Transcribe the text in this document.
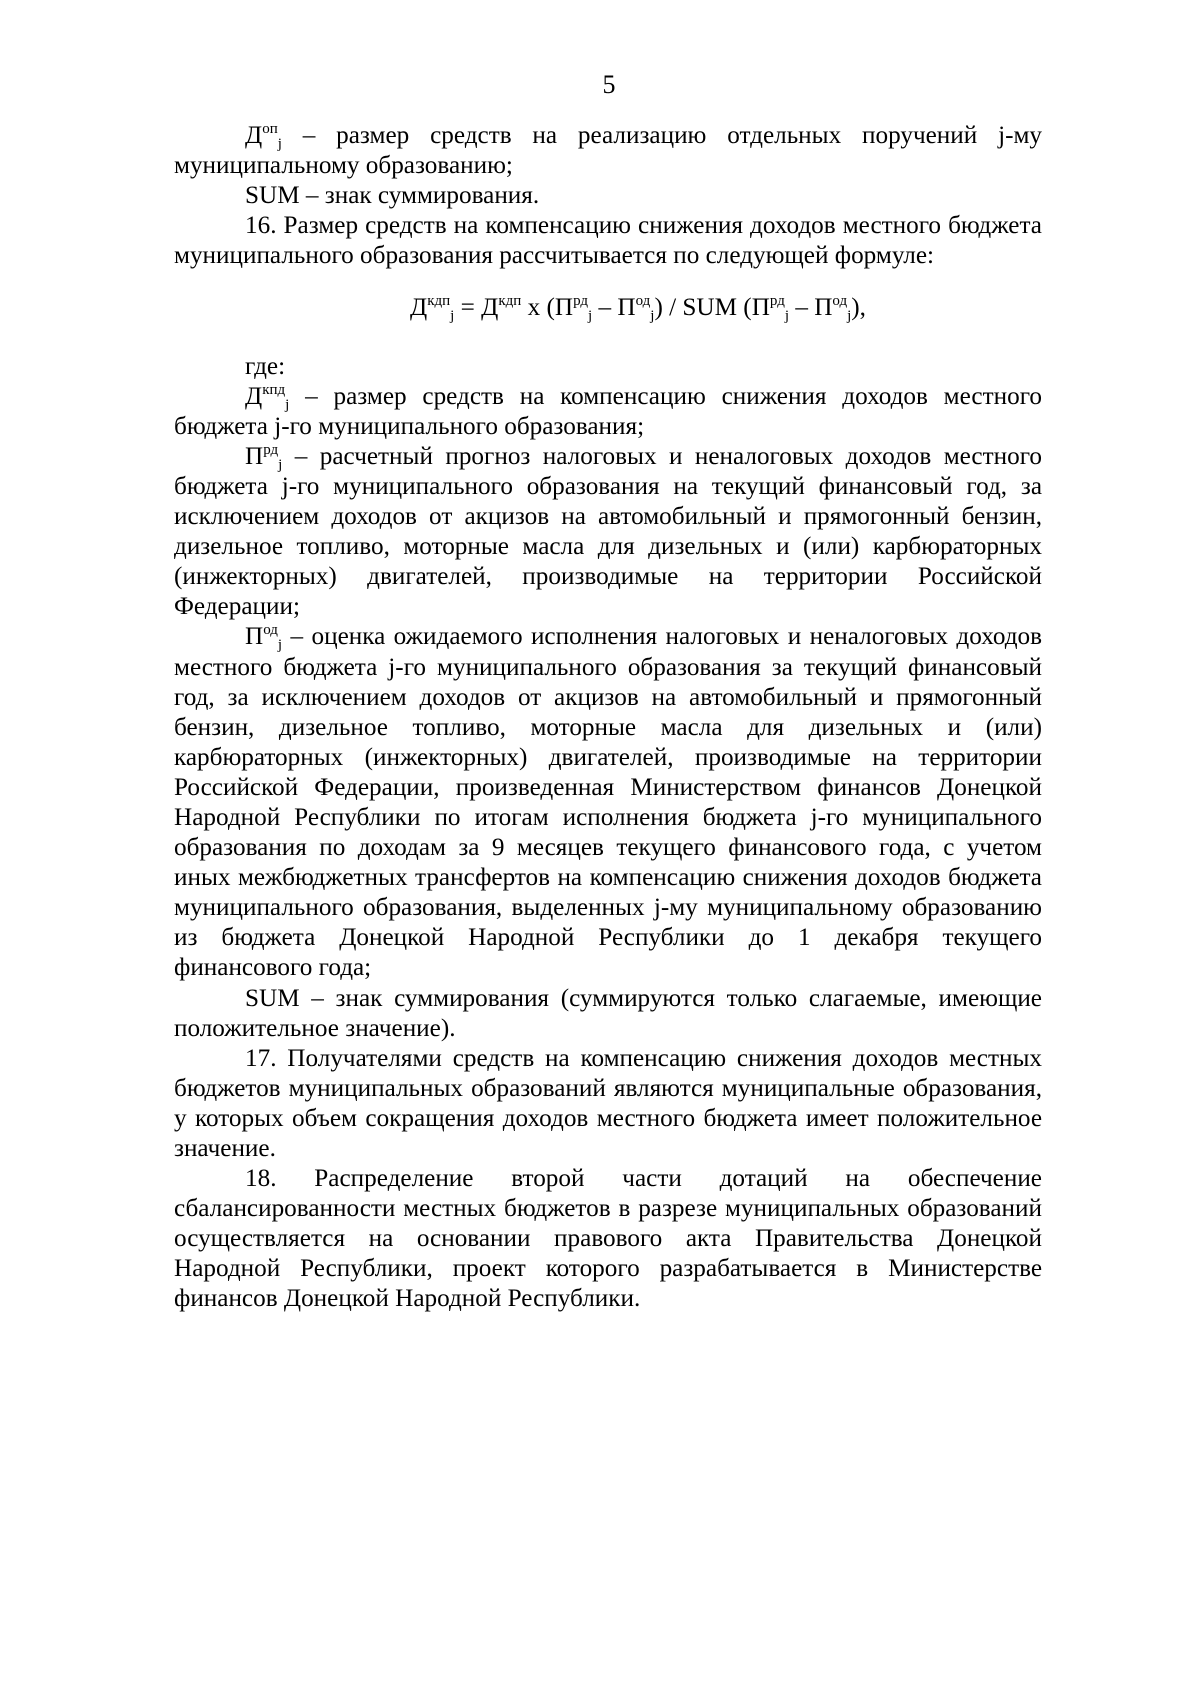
5

$Д^{оп}_j$ – размер средств на реализацию отдельных поручений j-му муниципальному образованию;

SUM – знак суммирования.

16. Размер средств на компенсацию снижения доходов местного бюджета муниципального образования рассчитывается по следующей формуле:

$Д^{кдп}_j = Д^{кдп}$ х $(П^{рд}_j - П^{од}_j)$ / SUM $(П^{рд}_j - П^{од}_j)$,

где:

$Д^{кпд}_j$ – размер средств на компенсацию снижения доходов местного бюджета j-го муниципального образования;

$П^{рд}_j$ – расчетный прогноз налоговых и неналоговых доходов местного бюджета j-го муниципального образования на текущий финансовый год, за исключением доходов от акцизов на автомобильный и прямогонный бензин, дизельное топливо, моторные масла для дизельных и (или) карбюраторных (инжекторных) двигателей, производимые на территории Российской Федерации;

$П^{од}_j$ – оценка ожидаемого исполнения налоговых и неналоговых доходов местного бюджета j-го муниципального образования за текущий финансовый год, за исключением доходов от акцизов на автомобильный и прямогонный бензин, дизельное топливо, моторные масла для дизельных и (или) карбюраторных (инжекторных) двигателей, производимые на территории Российской Федерации, произведенная Министерством финансов Донецкой Народной Республики по итогам исполнения бюджета j-го муниципального образования по доходам за 9 месяцев текущего финансового года, с учетом иных межбюджетных трансфертов на компенсацию снижения доходов бюджета муниципального образования, выделенных j-му муниципальному образованию из бюджета Донецкой Народной Республики до 1 декабря текущего финансового года;

SUM – знак суммирования (суммируются только слагаемые, имеющие положительное значение).

17. Получателями средств на компенсацию снижения доходов местных бюджетов муниципальных образований являются муниципальные образования, у которых объем сокращения доходов местного бюджета имеет положительное значение.

18. Распределение второй части дотаций на обеспечение сбалансированности местных бюджетов в разрезе муниципальных образований осуществляется на основании правового акта Правительства Донецкой Народной Республики, проект которого разрабатывается в Министерстве финансов Донецкой Народной Республики.
